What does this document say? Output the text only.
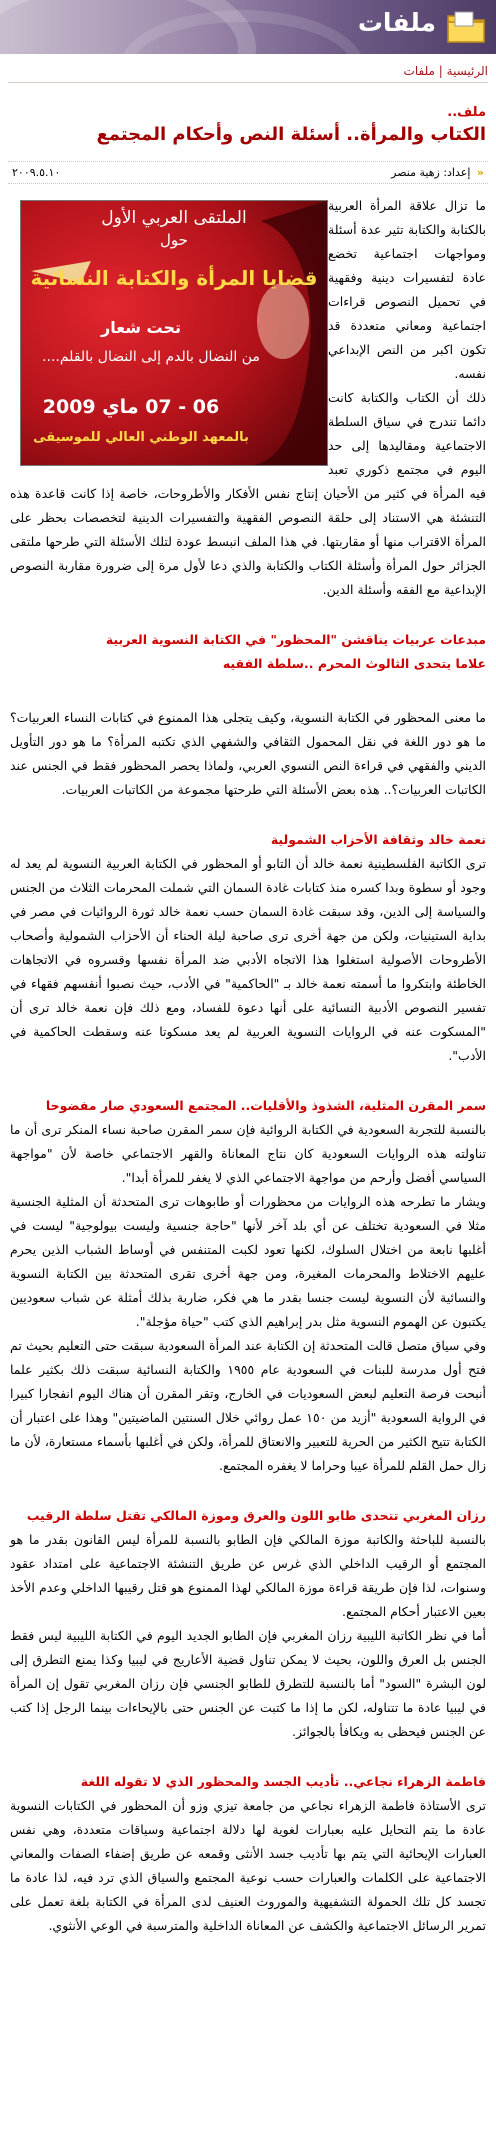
ملفات
الرئيسية | ملفات
ملف..
الكتاب والمرأة.. أسئلة النص وأحكام المجتمع
« إعداد: زهية منصر
٢٠٠٩.٥.١٠
الملتقى العربي الأول
حول
قضايا المرأة والكتابة النسائية
تحت شعار
من النضال بالدم إلى النضال بالقلم....
06 - 07 ماي 2009
بالمعهد الوطني العالي للموسيقى

ما تزال علاقة المرأة العربية بالكتابة والكتابة تثير عدة أسئلة ومواجهات اجتماعية تخضع عادة لتفسيرات دينية وفقهية في تحميل النصوص قراءات اجتماعية ومعاني متعددة قد تكون اكبر من النص الإبداعي نفسه.

ذلك أن الكتاب والكتابة كانت دائما تندرج في سياق السلطة الاجتماعية ومقاليدها إلى حد اليوم في مجتمع ذكوري تعبد فيه المرأة في كثير من الأحيان إنتاج نفس الأفكار والأطروحات، خاصة إذا كانت قاعدة هذه التنشئة هي الاستناد إلى حلقة النصوص الفقهية والتفسيرات الدينية لتخصصات بحظر على المرأة الاقتراب منها أو مقاربتها. في هذا الملف انبسط عودة لتلك الأسئلة التي طرحها ملتقى الجزائر حول المرأة وأسئلة الكتاب والكتابة والذي دعا لأول مرة إلى ضرورة مقاربة النصوص الإبداعية مع الفقه وأسئلة الدين.

مبدعات عربيات يناقشن "المحظور" في الكتابة النسوية العربية
علاما يتحدى الثالوث المحرم ..سلطة الفقيه

ما معنى المحظور في الكتابة النسوية، وكيف يتجلى هذا الممنوع في كتابات النساء العربيات؟ ما هو دور اللغة في نقل المحمول الثقافي والشفهي الذي تكتبه المرأة؟ ما هو دور التأويل الديني والفقهي في قراءة النص النسوي العربي، ولماذا يحصر المحظور فقط في الجنس عند الكاتبات العربيات؟.. هذه بعض الأسئلة التي طرحتها مجموعة من الكاتبات العربيات.

نعمة خالد وثقافة الأحزاب الشمولية

ترى الكاتبة الفلسطينية نعمة خالد أن التابو أو المحظور في الكتابة العربية النسوية لم يعد له وجود أو سطوة وبدا كسره منذ كتابات غادة السمان التي شملت المحرمات الثلاث من الجنس والسياسة إلى الدين، وقد سبقت غادة السمان حسب نعمة خالد ثورة الروائيات في مصر في بداية الستينيات، ولكن من جهة أخرى ترى صاحبة ليلة الحناء أن الأحزاب الشمولية وأصحاب الأطروحات الأصولية استغلوا هذا الاتجاه الأدبي ضد المرأة نفسها وقسروه في الاتجاهات الخاطئة وابتكروا ما أسمته نعمة خالد بـ "الحاكمية" في الأدب، حيث نصبوا أنفسهم فقهاء في تفسير النصوص الأدبية النسائية على أنها دعوة للفساد، ومع ذلك فإن نعمة خالد ترى أن "المسكوت عنه في الروايات النسوية العربية لم يعد مسكوتا عنه وسقطت الحاكمية في الأدب".

سمر المقرن المثلية، الشذوذ والأقليات.. المجتمع السعودي صار مفضوحا

بالنسبة للتجربة السعودية في الكتابة الروائية فإن سمر المقرن صاحبة نساء المنكر ترى أن ما تناولته هذه الروايات السعودية كان نتاج المعاناة والقهر الاجتماعي خاصة لأن "مواجهة السياسي أفضل وأرحم من مواجهة الاجتماعي الذي لا يغفر للمرأة أبدا".

ويشار ما تطرحه هذه الروايات من محظورات أو طابوهات ترى المتحدثة أن المثلية الجنسية مثلا في السعودية تختلف عن أي بلد آخر لأنها "حاجة جنسية وليست بيولوجية" ليست في أغلبها نابعة من اختلال السلوك، لكنها تعود لكبت المتنفس في أوساط الشباب الذين يحرم عليهم الاختلاط والمحرمات المغيرة، ومن جهة أخرى تقرى المتحدثة بين الكتابة النسوية والنسائية لأن النسوية ليست جنسا بقدر ما هي فكر، ضاربة بذلك أمثلة عن شباب سعوديين يكتبون عن الهموم النسوية مثل بدر إبراهيم الذي كتب "حياة مؤجلة".

وفي سياق متصل قالت المتحدثة إن الكتابة عند المرأة السعودية سبقت حتى التعليم بحيث تم فتح أول مدرسة للبنات في السعودية عام ١٩٥٥ والكتابة النسائية سبقت ذلك بكثير علما أنبحت فرصة التعليم لبعض السعوديات في الخارج، وتقر المقرن أن هناك اليوم انفجارا كبيرا في الرواية السعودية "أزيد من ١٥٠ عمل روائي خلال السنتين الماضيتين" وهذا على اعتبار أن الكتابة تتيح الكثير من الحرية للتعبير والانعتاق للمرأة، ولكن في أغلبها بأسماء مستعارة، لأن ما زال حمل القلم للمرأة عيبا وحراما لا يغفره المجتمع.

رزان المغربي تتحدى طابو اللون والعرق وموزة المالكي تقتل سلطة الرقيب

بالنسبة للباحثة والكاتبة موزة المالكي فإن الطابو بالنسبة للمرأة ليس القانون بقدر ما هو المجتمع أو الرقيب الداخلي الذي غرس عن طريق التنشئة الاجتماعية على امتداد عقود وسنوات، لذا فإن طريقة قراءة موزة المالكي لهذا الممنوع هو قتل رقيبها الداخلي وعدم الأخذ بعين الاعتبار أحكام المجتمع.

أما في نظر الكاتبة الليبية رزان المغربي فإن الطابو الجديد اليوم في الكتابة الليبية ليس فقط الجنس بل العرق واللون، بحيث لا يمكن تناول قضية الأعاريج في ليبيا وكذا يمنع التطرق إلى لون البشرة "السود" أما بالنسبة للتطرق للطابو الجنسي فإن رزان المغربي تقول إن المرأة في ليبيا عادة ما تتناوله، لكن ما إذا ما كتبت عن الجنس حتى بالإيحاءات بينما الرجل إذا كتب عن الجنس فيحظى به ويكافأ بالجوائز.

فاطمة الزهراء نجاعي.. تأديب الجسد والمحظور الذي لا تقوله اللغة

ترى الأستاذة فاطمة الزهراء نجاعي من جامعة تيزي وزو أن المحظور في الكتابات النسوية عادة ما يتم التحايل عليه بعبارات لغوية لها دلالة اجتماعية وسياقات متعددة، وهي نفس العبارات الإيحائية التي يتم بها تأديب جسد الأنثى وقمعه عن طريق إضفاء الصفات والمعاني الاجتماعية على الكلمات والعبارات حسب نوعية المجتمع والسياق الذي ترد فيه، لذا عادة ما تجسد كل تلك الحمولة التشفيهية والموروث العنيف لدى المرأة في الكتابة بلغة تعمل على تمرير الرسائل الاجتماعية والكشف عن المعاناة الداخلية والمترسبة في الوعي الأنثوي.
